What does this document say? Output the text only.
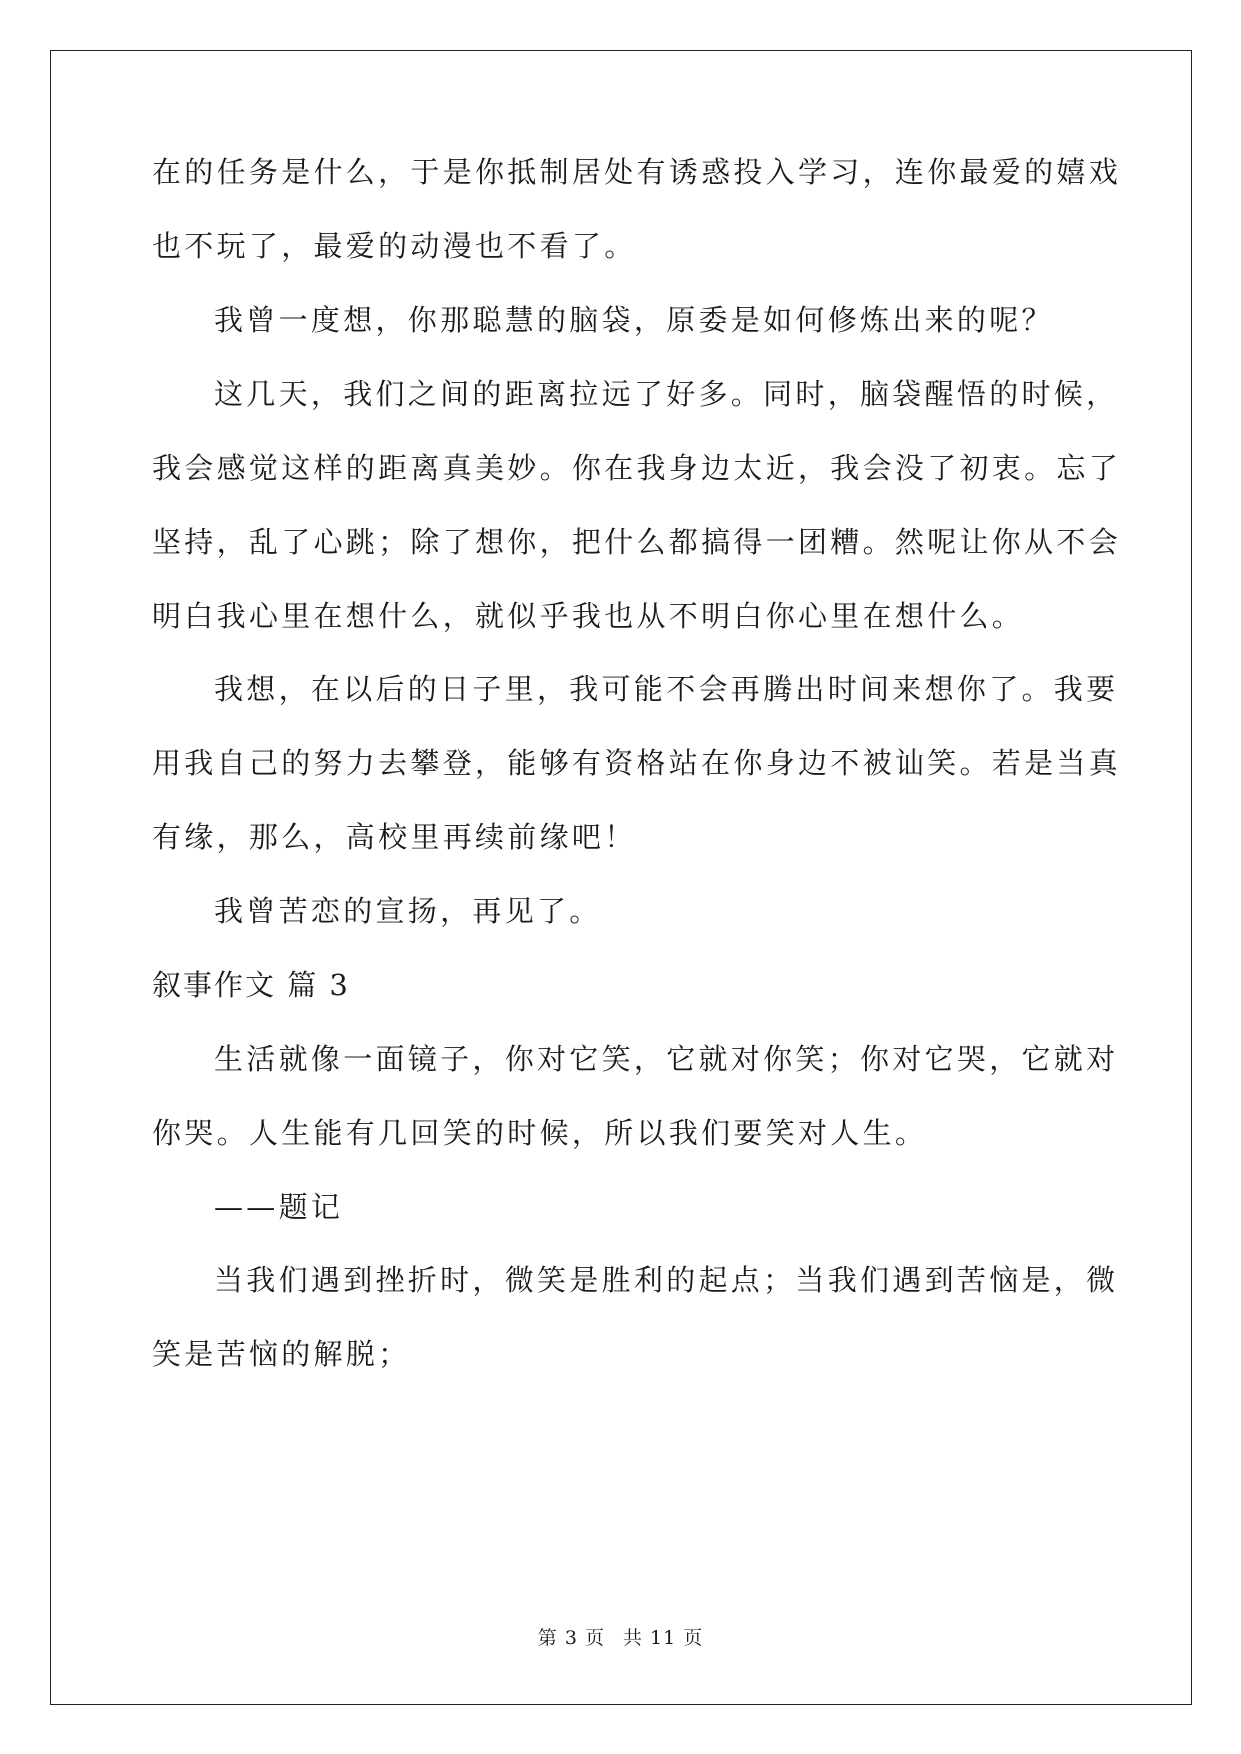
在的任务是什么，于是你抵制居处有诱惑投入学习，连你最爱的嬉戏
也不玩了，最爱的动漫也不看了。
我曾一度想，你那聪慧的脑袋，原委是如何修炼出来的呢？
这几天，我们之间的距离拉远了好多。同时，脑袋醒悟的时候，
我会感觉这样的距离真美妙。你在我身边太近，我会没了初衷。忘了
坚持，乱了心跳；除了想你，把什么都搞得一团糟。然呢让你从不会
明白我心里在想什么，就似乎我也从不明白你心里在想什么。
我想，在以后的日子里，我可能不会再腾出时间来想你了。我要
用我自己的努力去攀登，能够有资格站在你身边不被讪笑。若是当真
有缘，那么，高校里再续前缘吧！
我曾苦恋的宣扬，再见了。
叙事作文 篇 3
生活就像一面镜子，你对它笑，它就对你笑；你对它哭，它就对
你哭。人生能有几回笑的时候，所以我们要笑对人生。
——题记
当我们遇到挫折时，微笑是胜利的起点；当我们遇到苦恼是，微
笑是苦恼的解脱；
第 3 页 共 11 页
